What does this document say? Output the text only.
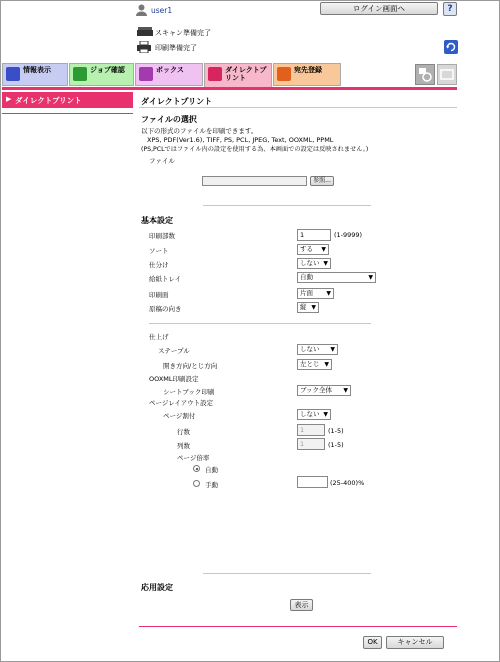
user1	ログイン画面へ	?
スキャン準備完了
印刷準備完了
情報表示	ジョブ確認	ボックス	ダイレクトプリント
宛先登録
▶ ダイレクトプリント	ダイレクトプリント
ファイルの選択
以下の形式のファイルを印刷できます。
XPS, PDF(Ver1.6), TIFF, PS, PCL, JPEG, Text, OOXML, PPML
(PS,PCLではファイル内の設定を使用する為、本画面での設定は反映されません。)
ファイル
参照...
基本設定
印刷部数	1	(1-9999)
ソート	する ▼
仕分け	しない ▼
給紙トレイ	自動	▼
印刷面	片面 ▼
原稿の向き	縦 ▼
仕上げ
ステープル	しない ▼
開き方向/とじ方向	左とじ ▼
OOXML印刷設定
シートブック印刷	ブック全体 ▼
ページレイアウト設定
ページ割付	しない ▼
行数	1	(1-5)
列数	1	(1-5)
ページ倍率
自動
手動	(25-400)%
応用設定
表示
OK	キャンセル
